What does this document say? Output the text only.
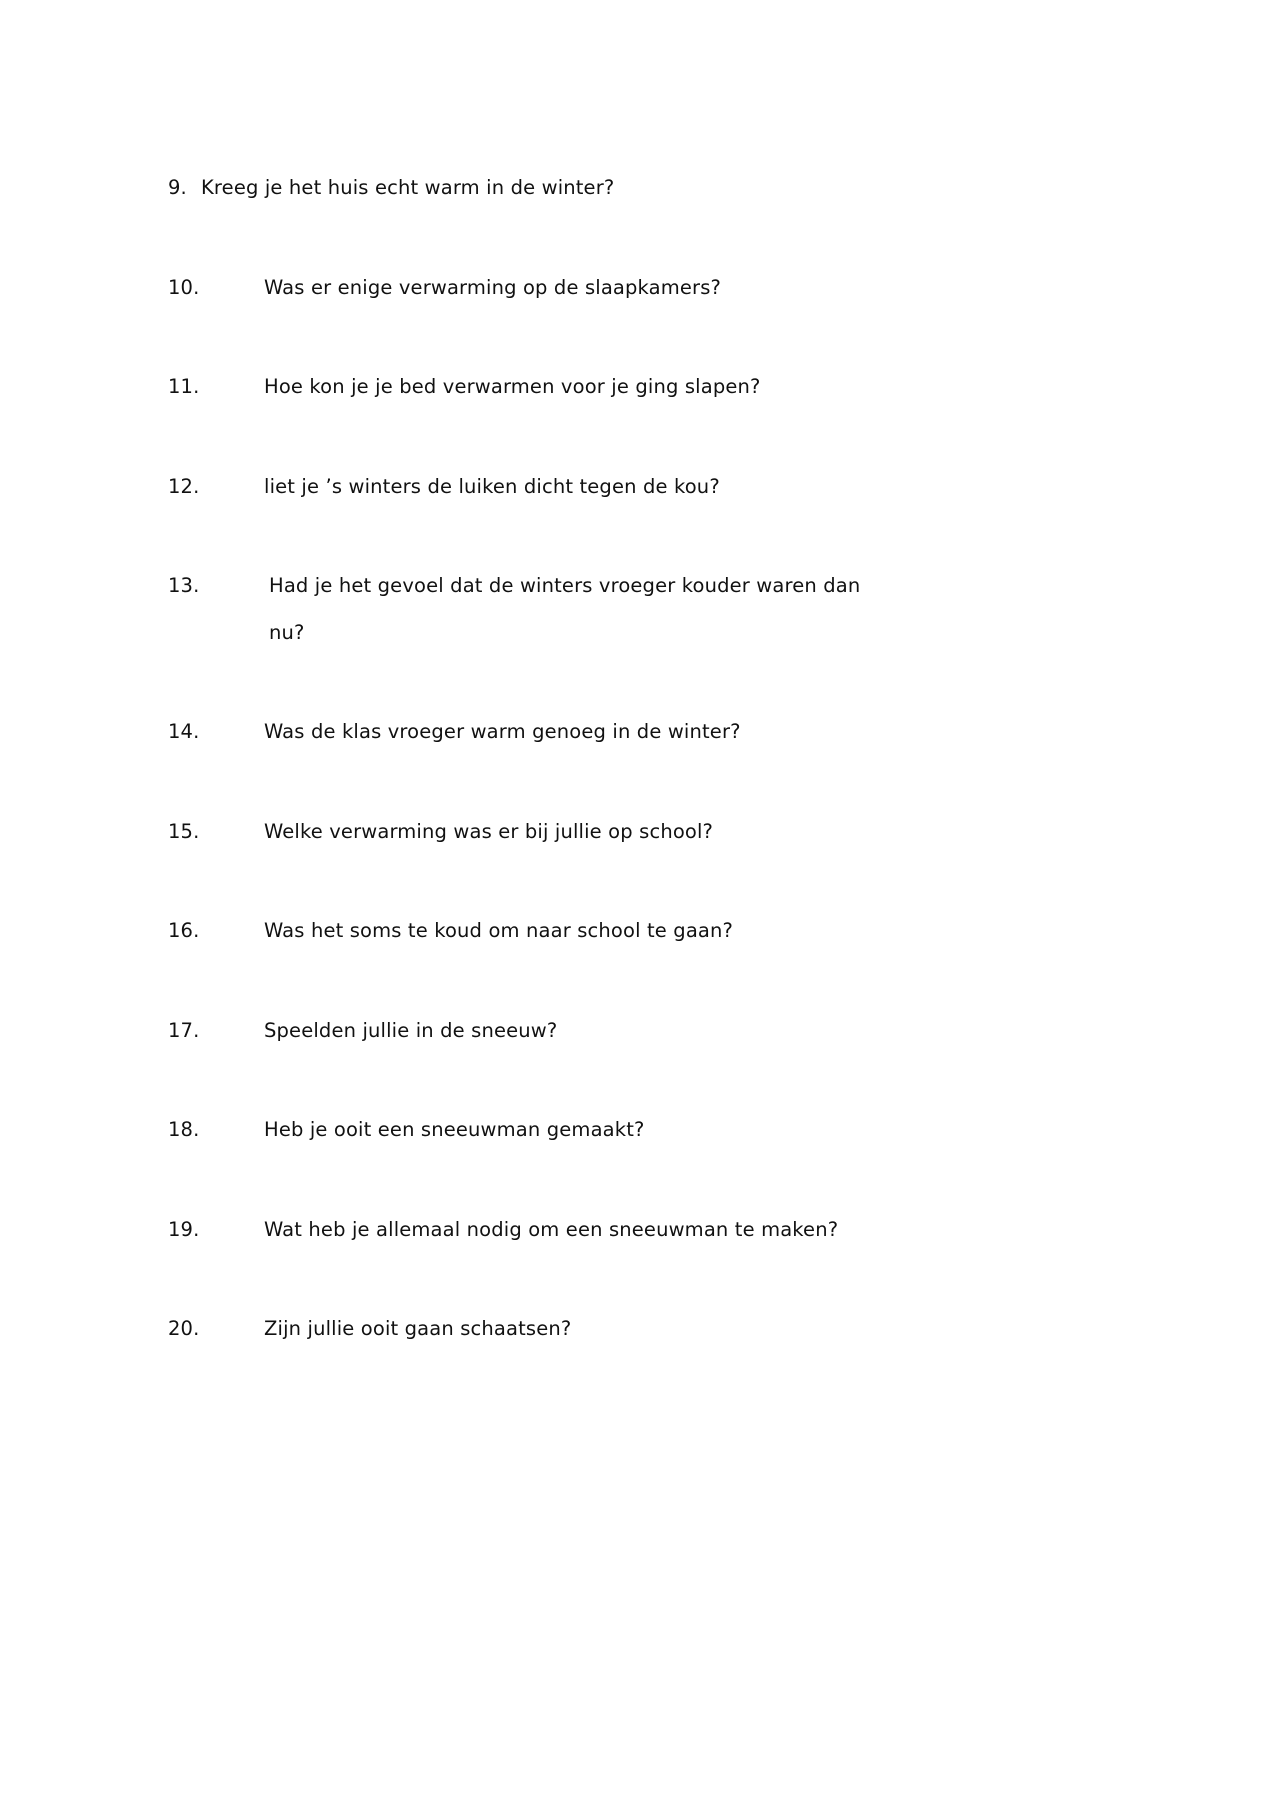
9. Kreeg je het huis echt warm in de winter?

10.	Was er enige verwarming op de slaapkamers?

11.	Hoe kon je je bed verwarmen voor je ging slapen?

12.	liet je ’s winters de luiken dicht tegen de kou?

13.	Had je het gevoel dat de winters vroeger kouder waren dan
nu?

14.	Was de klas vroeger warm genoeg in de winter?

15.	Welke verwarming was er bij jullie op school?

16.	Was het soms te koud om naar school te gaan?

17.	Speelden jullie in de sneeuw?

18.	Heb je ooit een sneeuwman gemaakt?

19.	Wat heb je allemaal nodig om een sneeuwman te maken?

20.	Zijn jullie ooit gaan schaatsen?
